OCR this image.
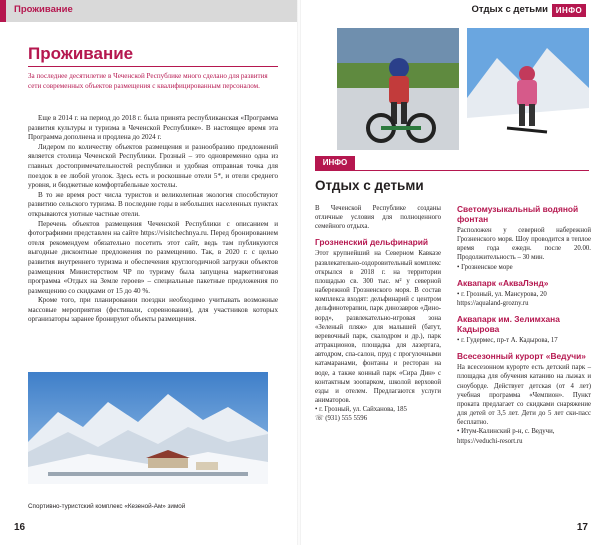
Проживание
Проживание
За последнее десятилетие в Чеченской Республике много сделано для развития сети современных объектов размещения с квалифицированным персоналом.

Еще в 2014 г. на период до 2018 г. была принята республиканская «Программа развития культуры и туризма в Чеченской Республике». В настоящее время эта Программа дополнена и продлена до 2024 г.

Лидером по количеству объектов размещения и разнообразию предложений является столица Чеченской Республики. Грозный – это одновременно одна из главных достопримечательностей республики и удобная отправная точка для поездок в ее любой уголок. Здесь есть и роскошные отели 5*, и отели среднего уровня, и бюджетные комфортабельные хостелы.

В то же время рост числа туристов и великолепная экология способствуют развитию сельского туризма. В последние годы в небольших населенных пунктах открываются уютные частные отели.

Перечень объектов размещения Чеченской Республики с описанием и фотографиями представлен на сайте https://visitchechnya.ru. Перед бронированием отеля рекомендуем обязательно посетить этот сайт, ведь там публикуются выгодные дисконтные предложения по размещению. Так, в 2020 г. с целью развития внутреннего туризма и обеспечения круглогодичной загрузки объектов размещения Министерством ЧР по туризму была запущена маркетинговая программа «Отдых на Земле героев» – специальные пакетные предложения по размещению со скидками от 15 до 40 %.

Кроме того, при планировании поездки необходимо учитывать возможные массовые мероприятия (фестивали, соревнования), для участников которых организаторы заранее бронируют объекты размещения.

Спортивно-туристский комплекс «Кезеной-Ам» зимой
16
Отдых с детьми ИНФО
ИНФО
Отдых с детьми

В Чеченской Республике созданы отличные условия для полноценного семейного отдыха.

Грозненский дельфинарий

Этот крупнейший на Северном Кавказе развлекательно-оздоровительный комплекс открылся в 2018 г. на территории площадью св. 300 тыс. м² у северной набережной Грозненского моря. В состав комплекса входят: дельфинарий с центром дельфинотерапии, парк динозавров «Дино-ворд», развлекательно-игровая зона «Зеленый пляж» для малышей (батут, веревочный парк, скалодром и др.), парк аттракционов, площадка для лазертага, автодром, спа-салон, пруд с прогулочными катамаранами, фонтаны и ресторан на воде, а также конный парк «Сира Дин» с контактным зоопарком, школой верховой езды и отелем. Предлагаются услуги аниматоров.

• г. Грозный, ул. Сайханова, 185

☏ (931) 555 5596

Светомузыкальный водяной фонтан

Расположен у северной набережной Грозненского моря. Шоу проводится в теплое время года ежедн. после 20.00. Продолжительность – 30 мин.

• Грозненское море

Аквапарк «АкваЛэнд»

• г. Грозный, ул. Мансурова, 20

https://aqualand-grozny.ru

Аквапарк им. Зелимхана Кадырова

• г. Гудермес, пр-т А. Кадырова, 17

Всесезонный курорт «Ведучи»

На всесезонном курорте есть детский парк – площадка для обучения катанию на лыжах и сноуборде. Действует детская (от 4 лет) учебная программа «Чемпион». Пункт проката предлагает со скидками снаряжение для детей от 3,5 лет. Дети до 5 лет ски-пасс бесплатно.

• Итум-Калинский р-н, с. Ведучи,

https://veduchi-resort.ru

17
